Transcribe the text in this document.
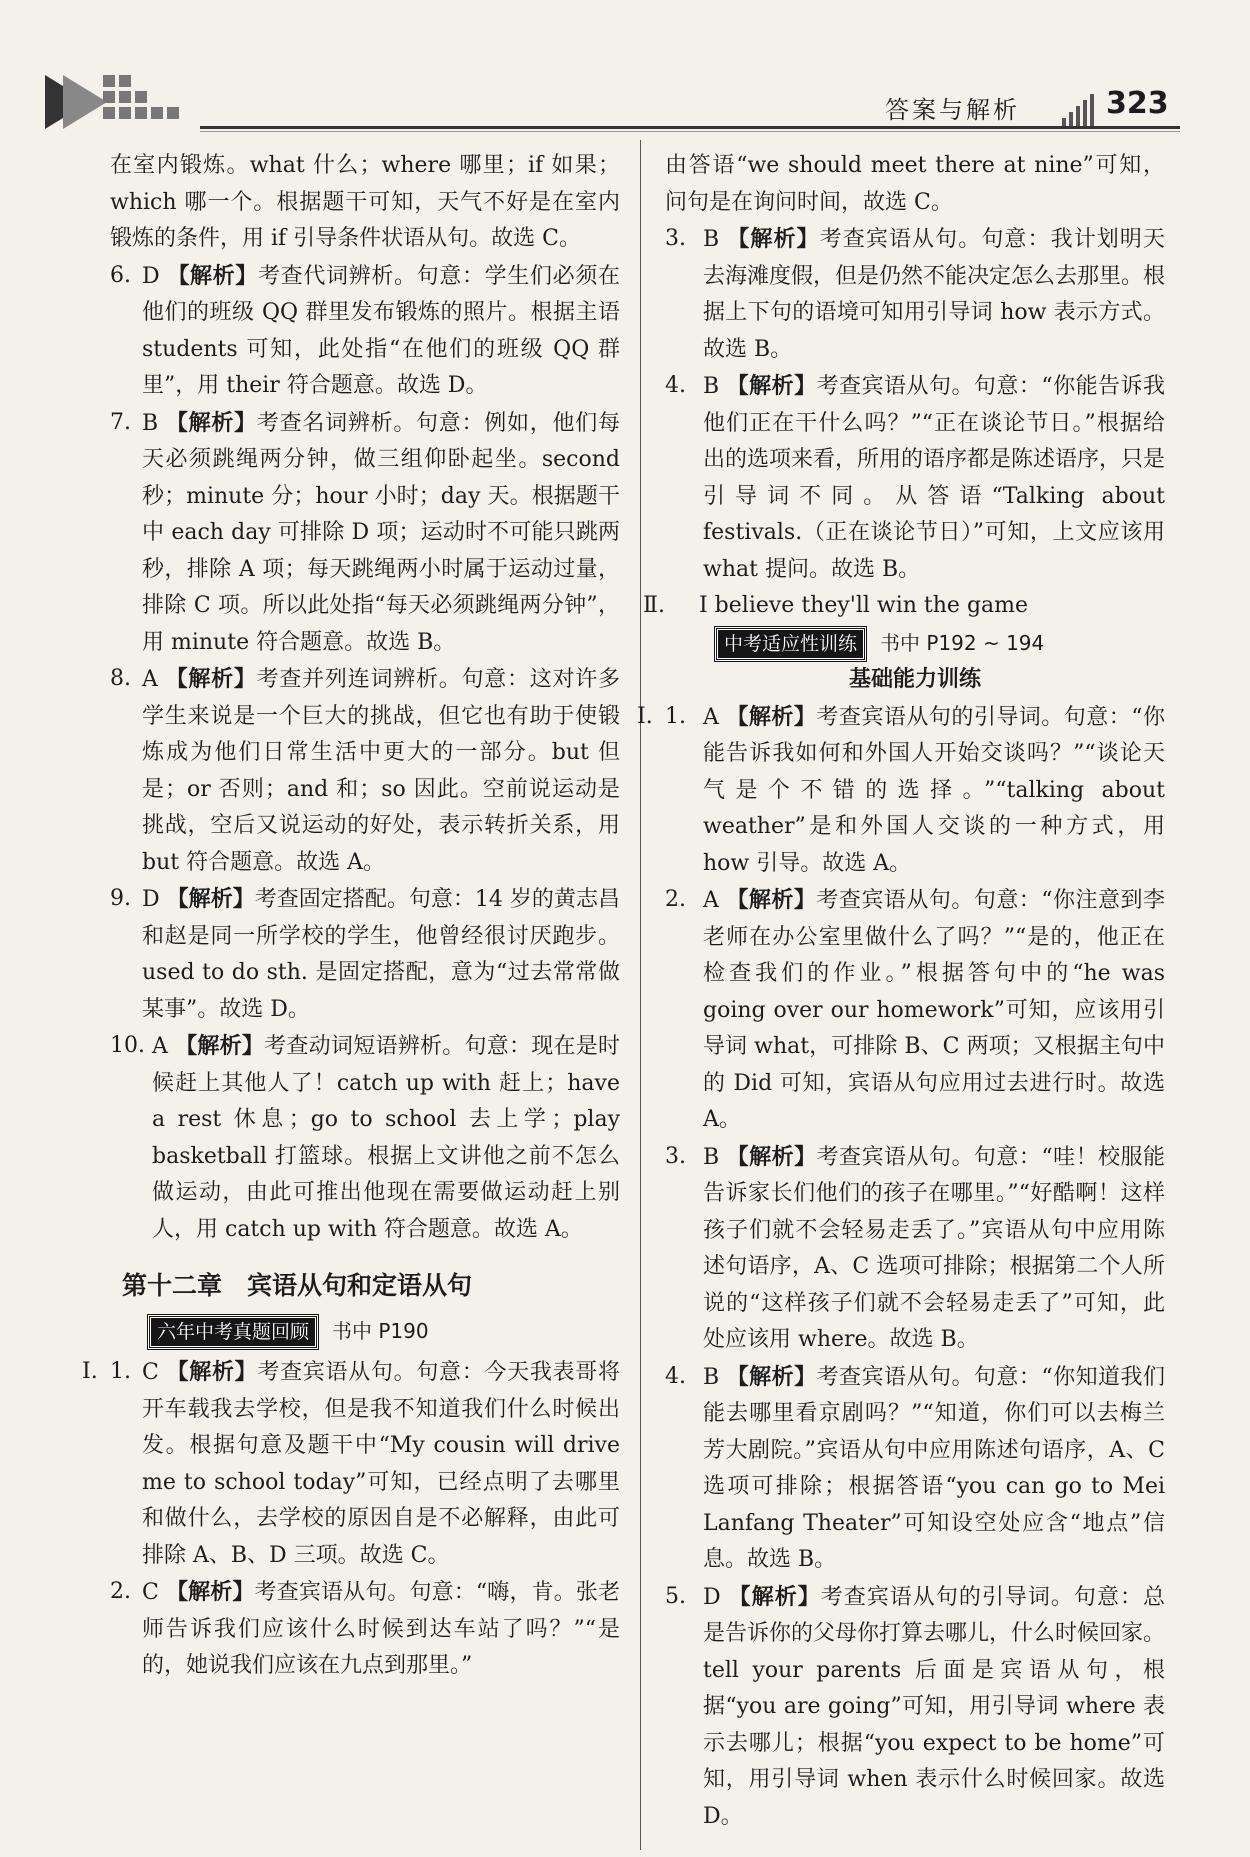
答案与解析	323
在室内锻炼。what 什么；where 哪里；if 如果；which 哪一个。根据题干可知，天气不好是在室内锻炼的条件，用 if 引导条件状语从句。故选 C。
6. D 【解析】考查代词辨析。句意：学生们必须在他们的班级 QQ 群里发布锻炼的照片。根据主语 students 可知，此处指“在他们的班级 QQ 群里”，用 their 符合题意。故选 D。
7. B 【解析】考查名词辨析。句意：例如，他们每天必须跳绳两分钟，做三组仰卧起坐。second 秒；minute 分；hour 小时；day 天。根据题干中 each day 可排除 D 项；运动时不可能只跳两秒，排除 A 项；每天跳绳两小时属于运动过量，排除 C 项。所以此处指“每天必须跳绳两分钟”，用 minute 符合题意。故选 B。
8. A 【解析】考查并列连词辨析。句意：这对许多学生来说是一个巨大的挑战，但它也有助于使锻炼成为他们日常生活中更大的一部分。but 但是；or 否则；and 和；so 因此。空前说运动是挑战，空后又说运动的好处，表示转折关系，用 but 符合题意。故选 A。
9. D 【解析】考查固定搭配。句意：14 岁的黄志昌和赵是同一所学校的学生，他曾经很讨厌跑步。used to do sth. 是固定搭配，意为“过去常常做某事”。故选 D。
10. A 【解析】考查动词短语辨析。句意：现在是时候赶上其他人了！catch up with 赶上；have a rest 休息；go to school 去上学；play basketball 打篮球。根据上文讲他之前不怎么做运动，由此可推出他现在需要做运动赶上别人，用 catch up with 符合题意。故选 A。
第十二章　宾语从句和定语从句
六年中考真题回顾 书中 P190
Ⅰ. 1. C 【解析】考查宾语从句。句意：今天我表哥将开车载我去学校，但是我不知道我们什么时候出发。根据句意及题干中“My cousin will drive me to school today”可知，已经点明了去哪里和做什么，去学校的原因自是不必解释，由此可排除 A、B、D 三项。故选 C。
2. C 【解析】考查宾语从句。句意：“嗨，肯。张老师告诉我们应该什么时候到达车站了吗？”“是的，她说我们应该在九点到那里。”
由答语“we should meet there at nine”可知，问句是在询问时间，故选 C。
3. B 【解析】考查宾语从句。句意：我计划明天去海滩度假，但是仍然不能决定怎么去那里。根据上下句的语境可知用引导词 how 表示方式。故选 B。
4. B 【解析】考查宾语从句。句意：“你能告诉我他们正在干什么吗？”“正在谈论节日。”根据给出的选项来看，所用的语序都是陈述语序，只是引导词不同。从答语“Talking about festivals.（正在谈论节日）”可知，上文应该用 what 提问。故选 B。
Ⅱ. I believe they'll win the game
中考适应性训练 书中 P192 ~ 194
基础能力训练
Ⅰ. 1. A 【解析】考查宾语从句的引导词。句意：“你能告诉我如何和外国人开始交谈吗？”“谈论天气是个不错的选择。”“talking about weather”是和外国人交谈的一种方式，用 how 引导。故选 A。
2. A 【解析】考查宾语从句。句意：“你注意到李老师在办公室里做什么了吗？”“是的，他正在检查我们的作业。”根据答句中的“he was going over our homework”可知，应该用引导词 what，可排除 B、C 两项；又根据主句中的 Did 可知，宾语从句应用过去进行时。故选 A。
3. B 【解析】考查宾语从句。句意：“哇！校服能告诉家长们他们的孩子在哪里。”“好酷啊！这样孩子们就不会轻易走丢了。”宾语从句中应用陈述句语序，A、C 选项可排除；根据第二个人所说的“这样孩子们就不会轻易走丢了”可知，此处应该用 where。故选 B。
4. B 【解析】考查宾语从句。句意：“你知道我们能去哪里看京剧吗？”“知道，你们可以去梅兰芳大剧院。”宾语从句中应用陈述句语序，A、C 选项可排除；根据答语“you can go to Mei Lanfang Theater”可知设空处应含“地点”信息。故选 B。
5. D 【解析】考查宾语从句的引导词。句意：总是告诉你的父母你打算去哪儿，什么时候回家。tell your parents 后面是宾语从句，根据“you are going”可知，用引导词 where 表示去哪儿；根据“you expect to be home”可知，用引导词 when 表示什么时候回家。故选 D。
